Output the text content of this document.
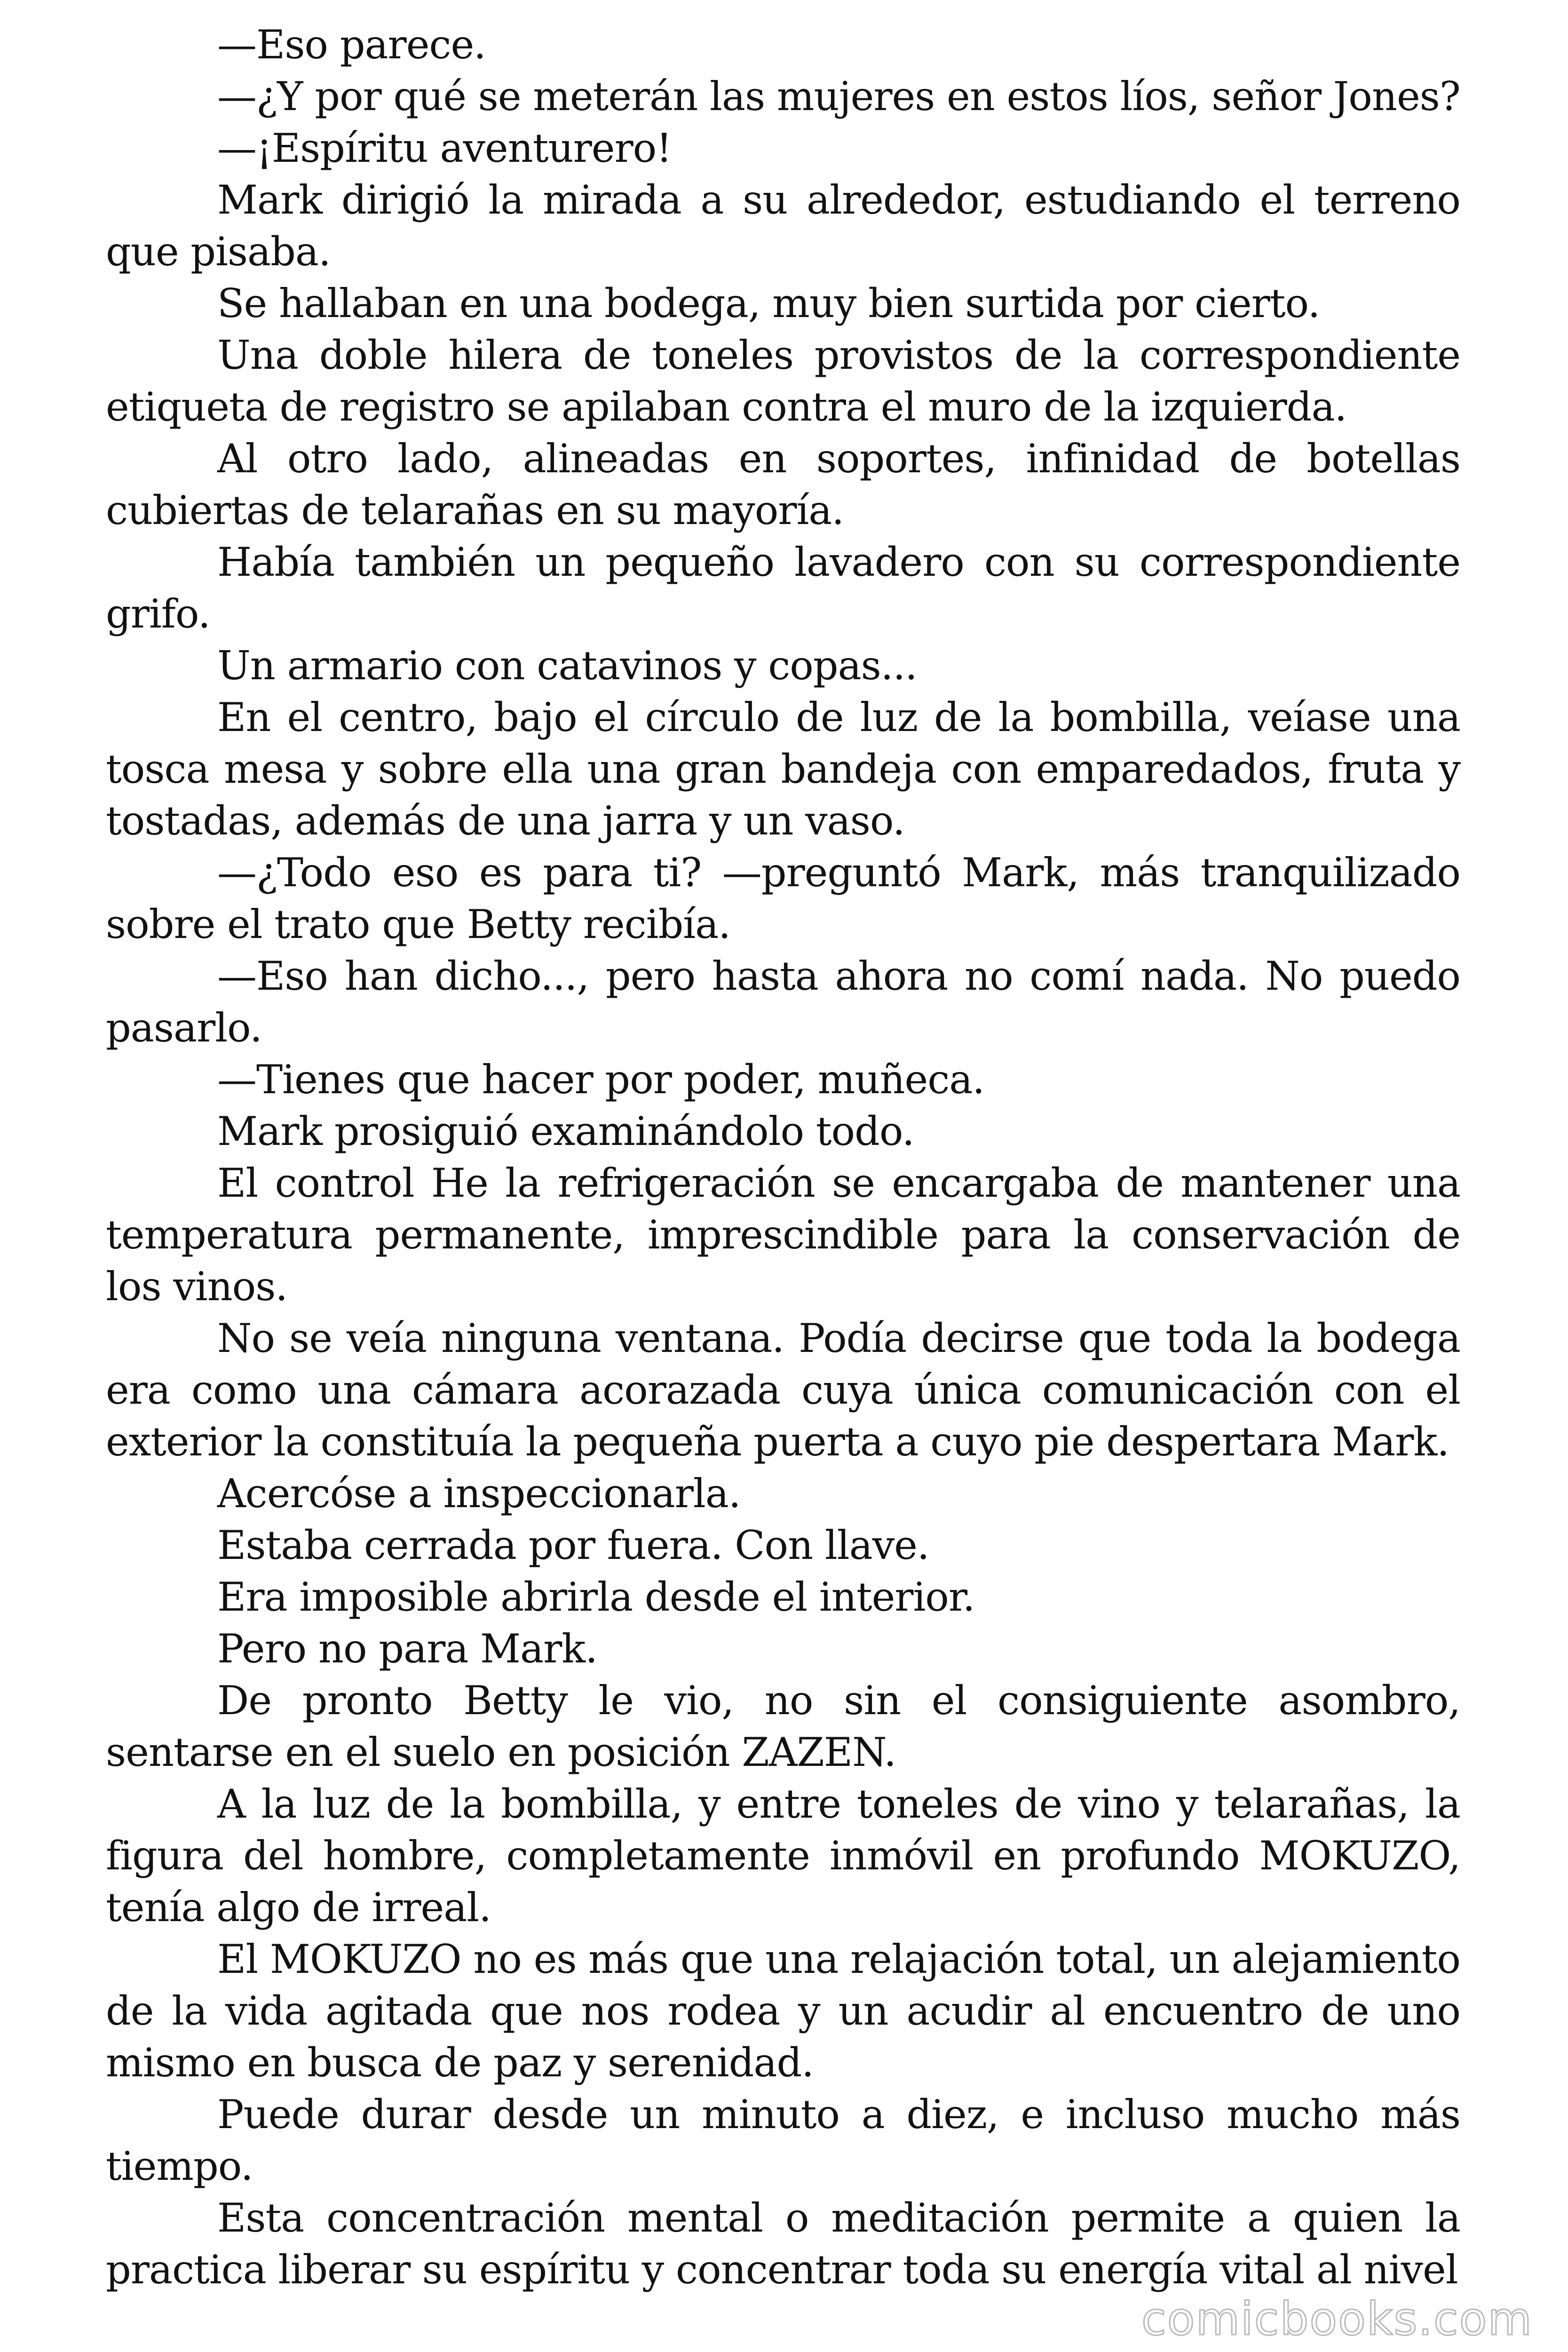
—Eso parece.

—¿Y por qué se meterán las mujeres en estos líos, señor Jones?

—¡Espíritu aventurero!

Mark dirigió la mirada a su alrededor, estudiando el terreno que pisaba.

Se hallaban en una bodega, muy bien surtida por cierto.

Una doble hilera de toneles provistos de la correspondiente etiqueta de registro se apilaban contra el muro de la izquierda.

Al otro lado, alineadas en soportes, infinidad de botellas cubiertas de telarañas en su mayoría.

Había también un pequeño lavadero con su correspondiente grifo.

Un armario con catavinos y copas...

En el centro, bajo el círculo de luz de la bombilla, veíase una tosca mesa y sobre ella una gran bandeja con emparedados, fruta y tostadas, además de una jarra y un vaso.

—¿Todo eso es para ti? —preguntó Mark, más tranquilizado sobre el trato que Betty recibía.

—Eso han dicho..., pero hasta ahora no comí nada. No puedo pasarlo.

—Tienes que hacer por poder, muñeca.

Mark prosiguió examinándolo todo.

El control He la refrigeración se encargaba de mantener una temperatura permanente, imprescindible para la conservación de los vinos.

No se veía ninguna ventana. Podía decirse que toda la bodega era como una cámara acorazada cuya única comunicación con el exterior la constituía la pequeña puerta a cuyo pie despertara Mark.

Acercóse a inspeccionarla.

Estaba cerrada por fuera. Con llave.

Era imposible abrirla desde el interior.

Pero no para Mark.

De pronto Betty le vio, no sin el consiguiente asombro, sentarse en el suelo en posición ZAZEN.

A la luz de la bombilla, y entre toneles de vino y telarañas, la figura del hombre, completamente inmóvil en profundo MOKUZO, tenía algo de irreal.

El MOKUZO no es más que una relajación total, un alejamiento de la vida agitada que nos rodea y un acudir al encuentro de uno mismo en busca de paz y serenidad.

Puede durar desde un minuto a diez, e incluso mucho más tiempo.

Esta concentración mental o meditación permite a quien la practica liberar su espíritu y concentrar toda su energía vital al nivel

comicbooks.com
